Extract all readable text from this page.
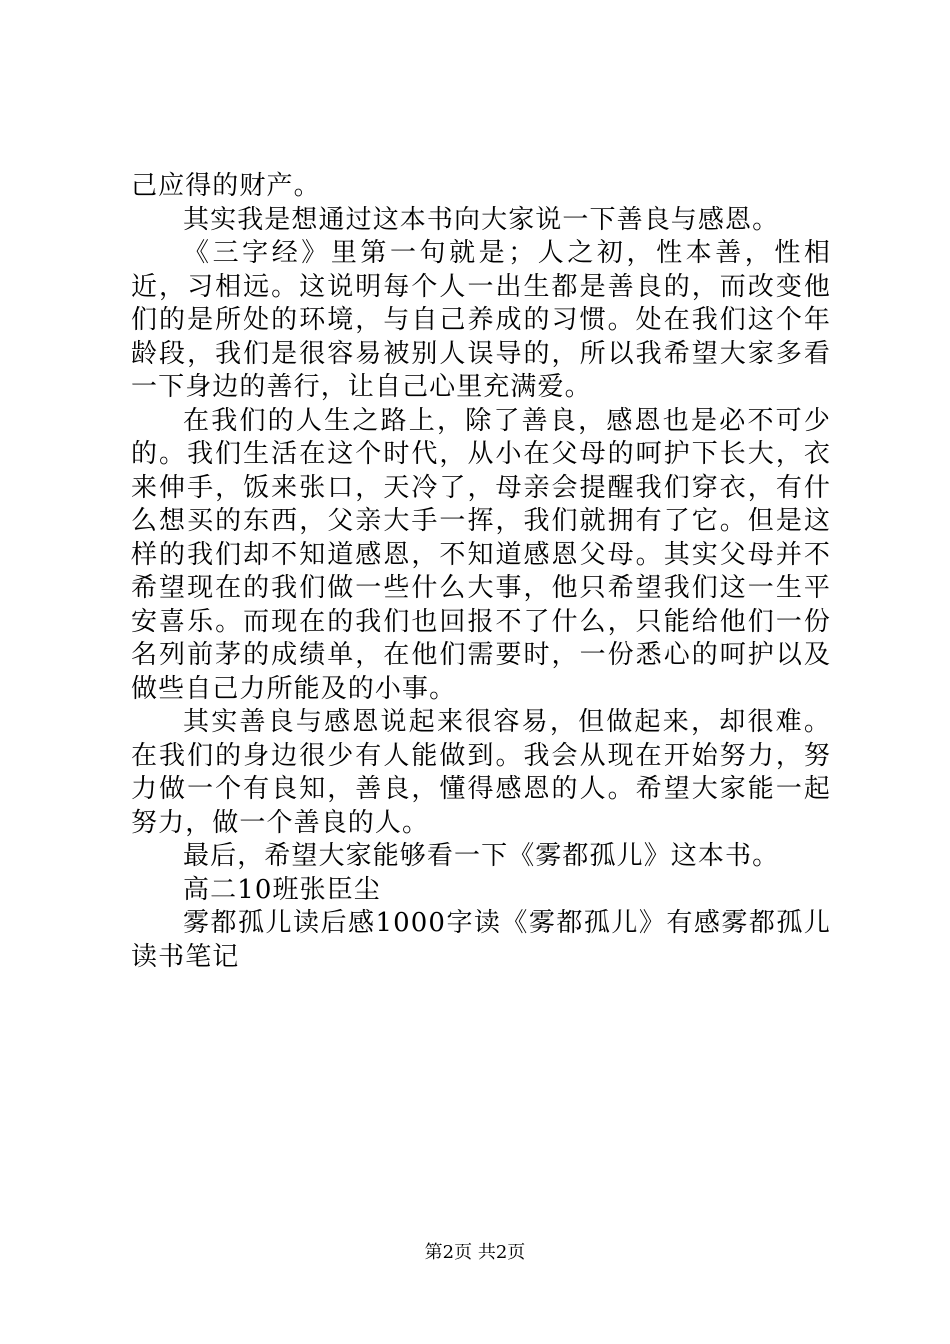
己应得的财产。

其实我是想通过这本书向大家说一下善良与感恩。

《三字经》里第一句就是；人之初，性本善，性相近，习相远。这说明每个人一出生都是善良的，而改变他们的是所处的环境，与自己养成的习惯。处在我们这个年龄段，我们是很容易被别人误导的，所以我希望大家多看一下身边的善行，让自己心里充满爱。

在我们的人生之路上，除了善良，感恩也是必不可少的。我们生活在这个时代，从小在父母的呵护下长大，衣来伸手，饭来张口，天冷了，母亲会提醒我们穿衣，有什么想买的东西，父亲大手一挥，我们就拥有了它。但是这样的我们却不知道感恩，不知道感恩父母。其实父母并不希望现在的我们做一些什么大事，他只希望我们这一生平安喜乐。而现在的我们也回报不了什么，只能给他们一份名列前茅的成绩单，在他们需要时，一份悉心的呵护以及做些自己力所能及的小事。

其实善良与感恩说起来很容易，但做起来，却很难。在我们的身边很少有人能做到。我会从现在开始努力，努力做一个有良知，善良，懂得感恩的人。希望大家能一起努力，做一个善良的人。

最后，希望大家能够看一下《雾都孤儿》这本书。

高二10班张臣尘

雾都孤儿读后感1000字读《雾都孤儿》有感雾都孤儿读书笔记

第2页 共2页
